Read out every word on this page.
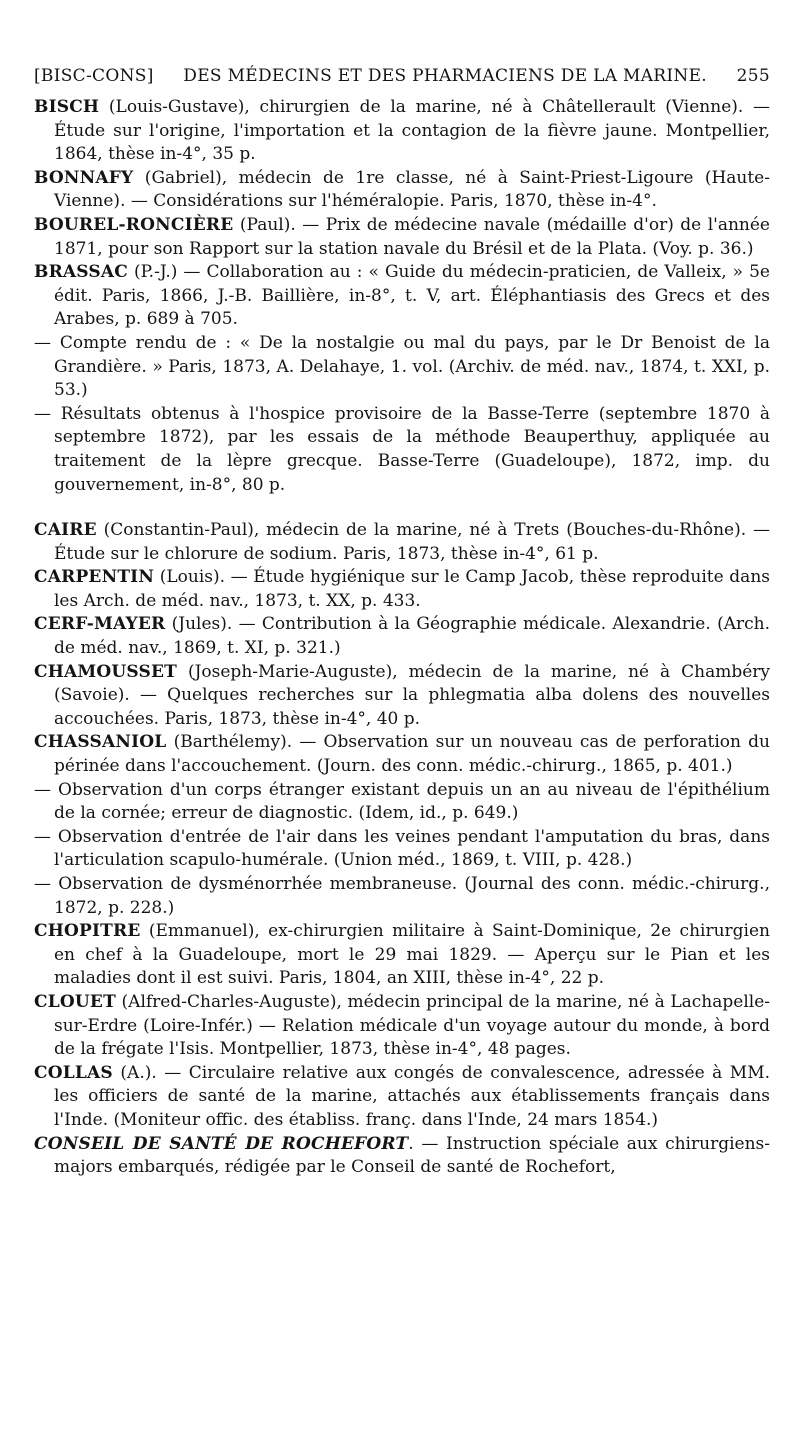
[BISC-CONS]	DES MÉDECINS ET DES PHARMACIENS DE LA MARINE.	255

BISCH (Louis-Gustave), chirurgien de la marine, né à Châtellerault (Vienne). — Étude sur l'origine, l'importation et la contagion de la fièvre jaune. Montpellier, 1864, thèse in-4°, 35 p.

BONNAFY (Gabriel), médecin de 1re classe, né à Saint-Priest-Ligoure (Haute-Vienne). — Considérations sur l'héméralopie. Paris, 1870, thèse in-4°.

BOUREL-RONCIÈRE (Paul). — Prix de médecine navale (médaille d'or) de l'année 1871, pour son Rapport sur la station navale du Brésil et de la Plata. (Voy. p. 36.)

BRASSAC (P.-J.) — Collaboration au : « Guide du médecin-praticien, de Valleix, » 5e édit. Paris, 1866, J.-B. Baillière, in-8°, t. V, art. Éléphantiasis des Grecs et des Arabes, p. 689 à 705.

— Compte rendu de : « De la nostalgie ou mal du pays, par le Dr Benoist de la Grandière. » Paris, 1873, A. Delahaye, 1. vol. (Archiv. de méd. nav., 1874, t. XXI, p. 53.)

— Résultats obtenus à l'hospice provisoire de la Basse-Terre (septembre 1870 à septembre 1872), par les essais de la méthode Beauperthuy, appliquée au traitement de la lèpre grecque. Basse-Terre (Guadeloupe), 1872, imp. du gouvernement, in-8°, 80 p.

CAIRE (Constantin-Paul), médecin de la marine, né à Trets (Bouches-du-Rhône). — Étude sur le chlorure de sodium. Paris, 1873, thèse in-4°, 61 p.

CARPENTIN (Louis). — Étude hygiénique sur le Camp Jacob, thèse reproduite dans les Arch. de méd. nav., 1873, t. XX, p. 433.

CERF-MAYER (Jules). — Contribution à la Géographie médicale. Alexandrie. (Arch. de méd. nav., 1869, t. XI, p. 321.)

CHAMOUSSET (Joseph-Marie-Auguste), médecin de la marine, né à Chambéry (Savoie). — Quelques recherches sur la phlegmatia alba dolens des nouvelles accouchées. Paris, 1873, thèse in-4°, 40 p.

CHASSANIOL (Barthélemy). — Observation sur un nouveau cas de perforation du périnée dans l'accouchement. (Journ. des conn. médic.-chirurg., 1865, p. 401.)

— Observation d'un corps étranger existant depuis un an au niveau de l'épithélium de la cornée; erreur de diagnostic. (Idem, id., p. 649.)

— Observation d'entrée de l'air dans les veines pendant l'amputation du bras, dans l'articulation scapulo-humérale. (Union méd., 1869, t. VIII, p. 428.)

— Observation de dysménorrhée membraneuse. (Journal des conn. médic.-chirurg., 1872, p. 228.)

CHOPITRE (Emmanuel), ex-chirurgien militaire à Saint-Dominique, 2e chirurgien en chef à la Guadeloupe, mort le 29 mai 1829. — Aperçu sur le Pian et les maladies dont il est suivi. Paris, 1804, an XIII, thèse in-4°, 22 p.

CLOUET (Alfred-Charles-Auguste), médecin principal de la marine, né à Lachapelle-sur-Erdre (Loire-Infér.) — Relation médicale d'un voyage autour du monde, à bord de la frégate l'Isis. Montpellier, 1873, thèse in-4°, 48 pages.

COLLAS (A.). — Circulaire relative aux congés de convalescence, adressée à MM. les officiers de santé de la marine, attachés aux établissements français dans l'Inde. (Moniteur offic. des établiss. franç. dans l'Inde, 24 mars 1854.)

CONSEIL DE SANTÉ DE ROCHEFORT. — Instruction spéciale aux chirurgiens-majors embarqués, rédigée par le Conseil de santé de Rochefort,
